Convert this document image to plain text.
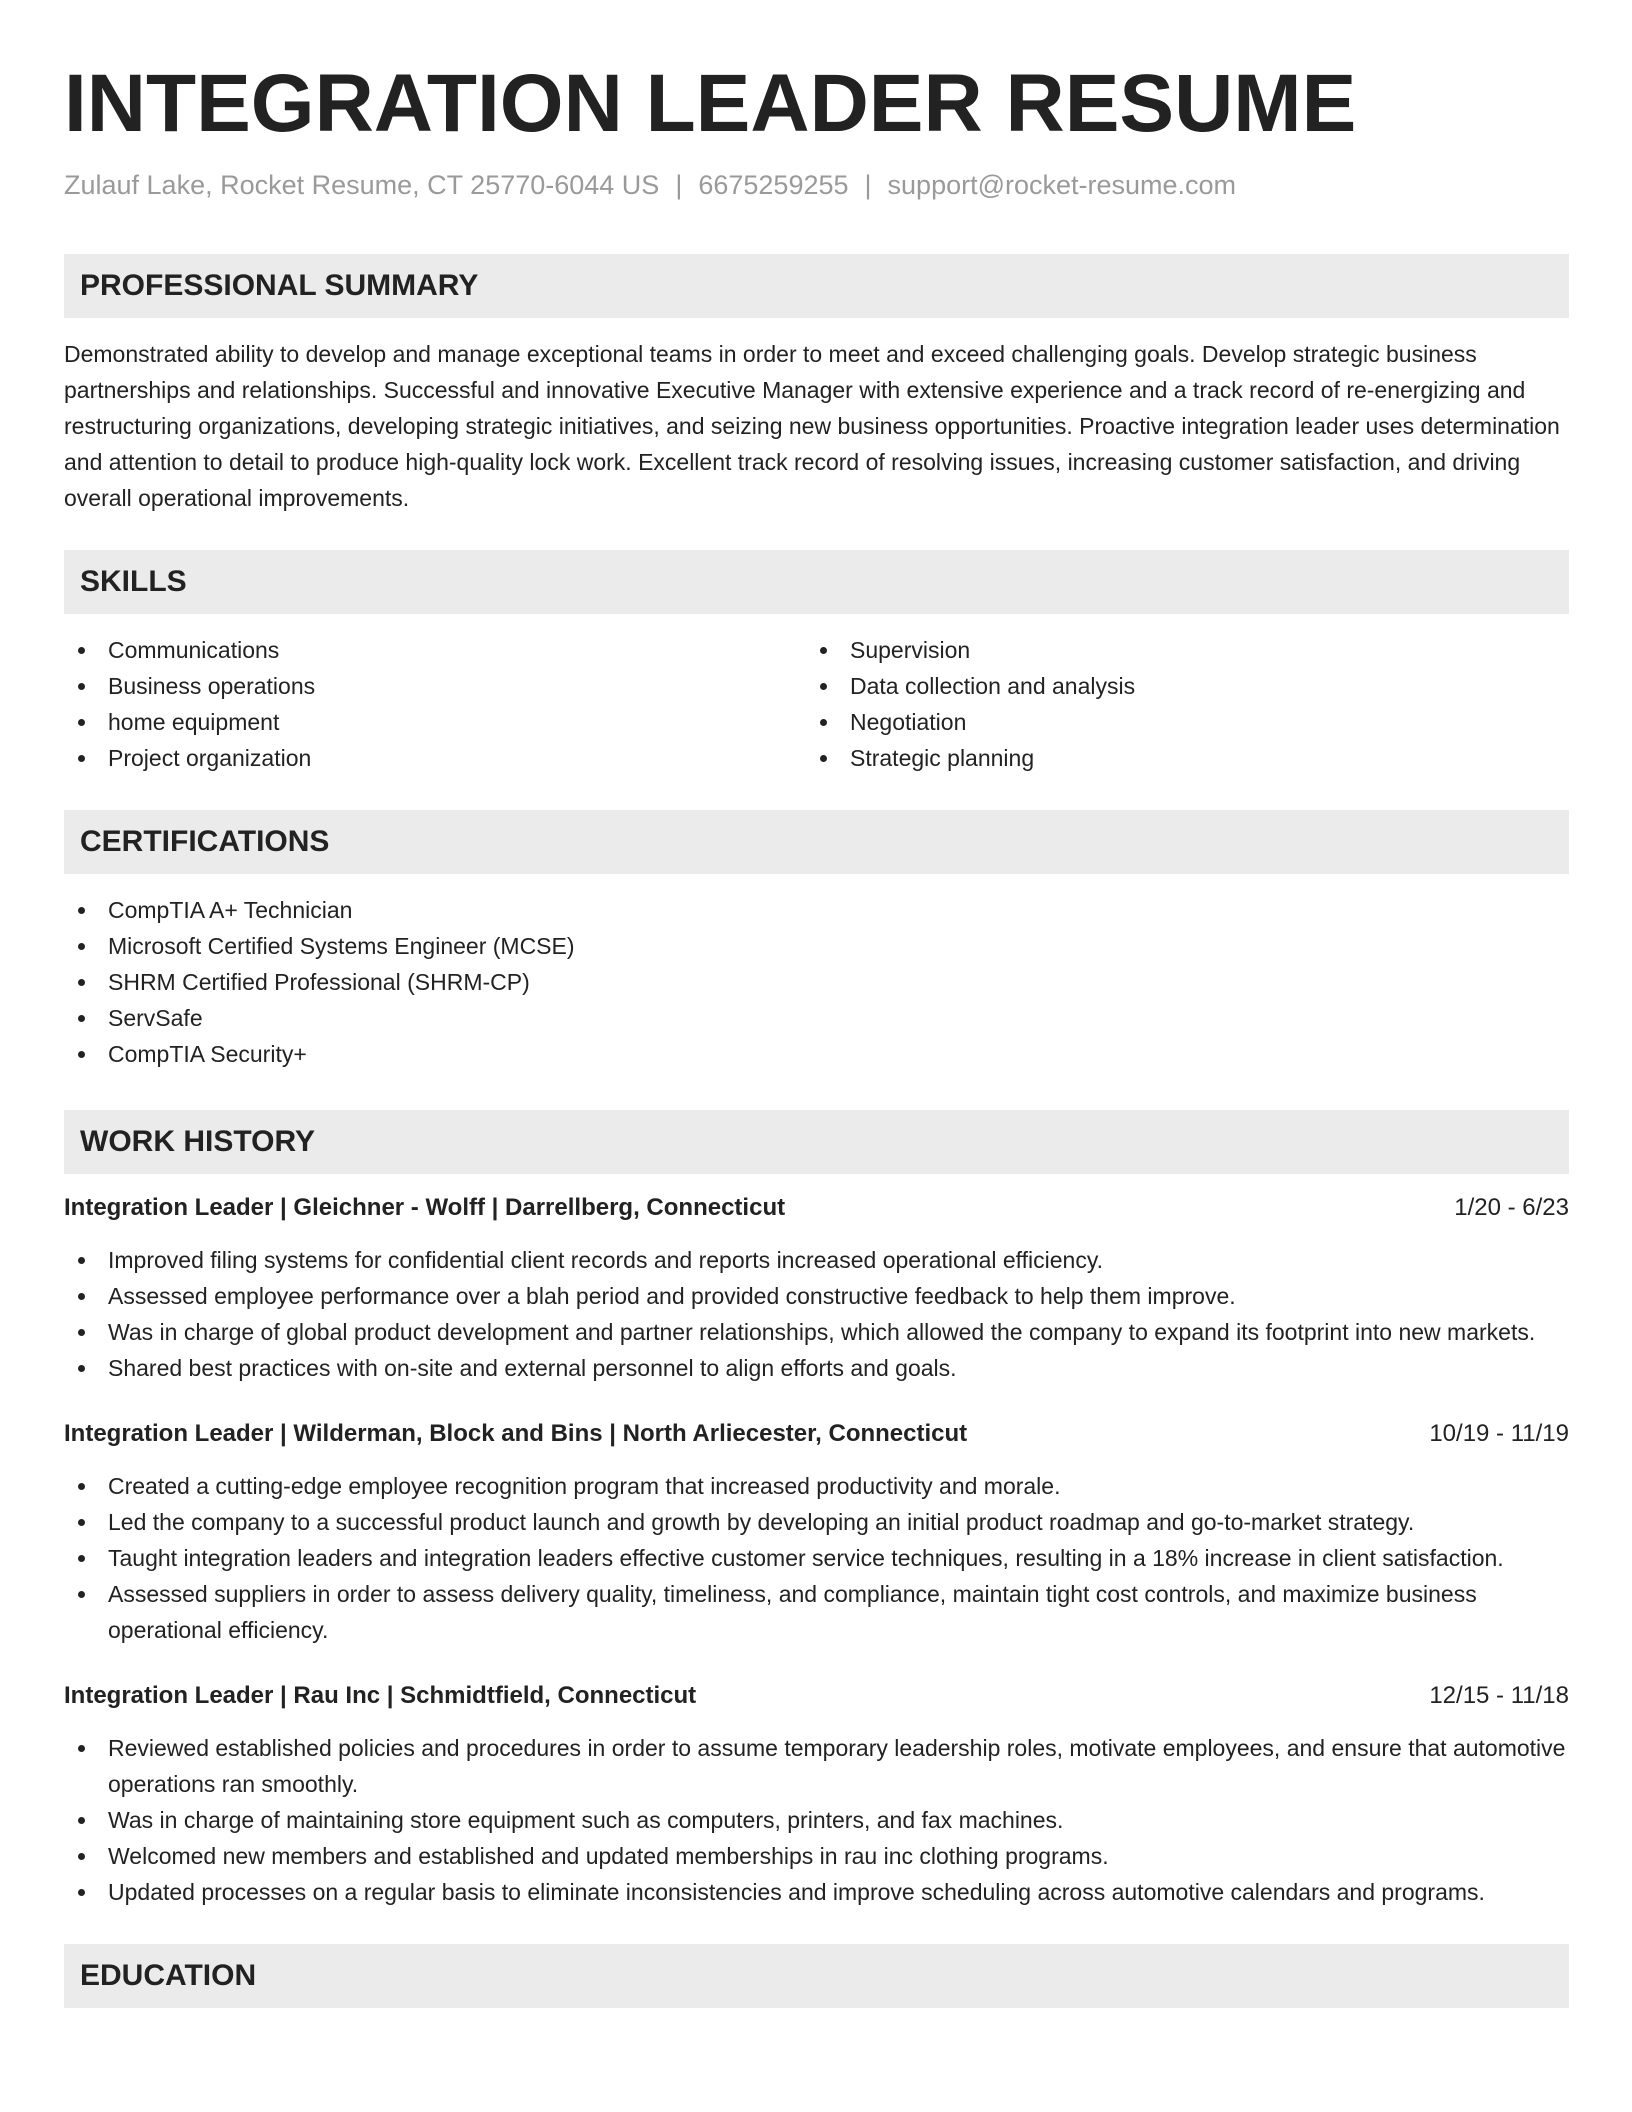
INTEGRATION LEADER RESUME
Zulauf Lake, Rocket Resume, CT 25770-6044 US | 6675259255 | support@rocket-resume.com
PROFESSIONAL SUMMARY
Demonstrated ability to develop and manage exceptional teams in order to meet and exceed challenging goals. Develop strategic business partnerships and relationships. Successful and innovative Executive Manager with extensive experience and a track record of re-energizing and restructuring organizations, developing strategic initiatives, and seizing new business opportunities. Proactive integration leader uses determination and attention to detail to produce high-quality lock work. Excellent track record of resolving issues, increasing customer satisfaction, and driving overall operational improvements.
SKILLS
Communications
Business operations
home equipment
Project organization
Supervision
Data collection and analysis
Negotiation
Strategic planning
CERTIFICATIONS
CompTIA A+ Technician
Microsoft Certified Systems Engineer (MCSE)
SHRM Certified Professional (SHRM-CP)
ServSafe
CompTIA Security+
WORK HISTORY
Integration Leader | Gleichner - Wolff | Darrellberg, Connecticut	1/20 - 6/23
Improved filing systems for confidential client records and reports increased operational efficiency.
Assessed employee performance over a blah period and provided constructive feedback to help them improve.
Was in charge of global product development and partner relationships, which allowed the company to expand its footprint into new markets.
Shared best practices with on-site and external personnel to align efforts and goals.
Integration Leader | Wilderman, Block and Bins | North Arliecester, Connecticut	10/19 - 11/19
Created a cutting-edge employee recognition program that increased productivity and morale.
Led the company to a successful product launch and growth by developing an initial product roadmap and go-to-market strategy.
Taught integration leaders and integration leaders effective customer service techniques, resulting in a 18% increase in client satisfaction.
Assessed suppliers in order to assess delivery quality, timeliness, and compliance, maintain tight cost controls, and maximize business operational efficiency.
Integration Leader | Rau Inc | Schmidtfield, Connecticut	12/15 - 11/18
Reviewed established policies and procedures in order to assume temporary leadership roles, motivate employees, and ensure that automotive operations ran smoothly.
Was in charge of maintaining store equipment such as computers, printers, and fax machines.
Welcomed new members and established and updated memberships in rau inc clothing programs.
Updated processes on a regular basis to eliminate inconsistencies and improve scheduling across automotive calendars and programs.
EDUCATION
